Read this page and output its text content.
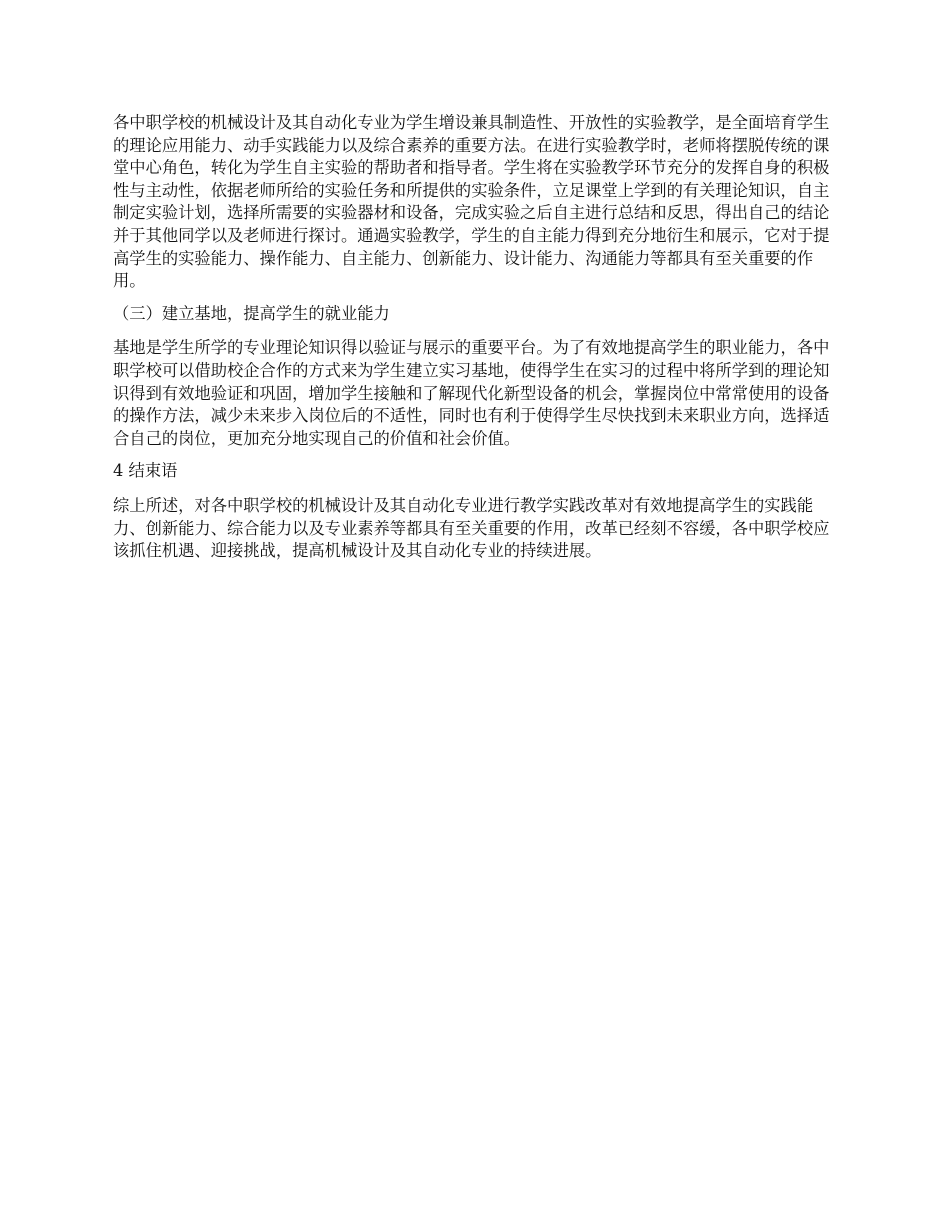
各中职学校的机械设计及其自动化专业为学生增设兼具制造性、开放性的实验教学，是全面培育学生的理论应用能力、动手实践能力以及综合素养的重要方法。在进行实验教学时，老师将摆脱传统的课堂中心角色，转化为学生自主实验的帮助者和指导者。学生将在实验教学环节充分的发挥自身的积极性与主动性，依据老师所给的实验任务和所提供的实验条件，立足课堂上学到的有关理论知识，自主制定实验计划，选择所需要的实验器材和设备，完成实验之后自主进行总结和反思，得出自己的结论并于其他同学以及老师进行探讨。通過实验教学，学生的自主能力得到充分地衍生和展示，它对于提高学生的实验能力、操作能力、自主能力、创新能力、设计能力、沟通能力等都具有至关重要的作用。

（三）建立基地，提高学生的就业能力

基地是学生所学的专业理论知识得以验证与展示的重要平台。为了有效地提高学生的职业能力，各中职学校可以借助校企合作的方式来为学生建立实习基地，使得学生在实习的过程中将所学到的理论知识得到有效地验证和巩固，增加学生接触和了解现代化新型设备的机会，掌握岗位中常常使用的设备的操作方法，减少未来步入岗位后的不适性，同时也有利于使得学生尽快找到未来职业方向，选择适合自己的岗位，更加充分地实现自己的价值和社会价值。

4 结束语

综上所述，对各中职学校的机械设计及其自动化专业进行教学实践改革对有效地提高学生的实践能力、创新能力、综合能力以及专业素养等都具有至关重要的作用，改革已经刻不容缓，各中职学校应该抓住机遇、迎接挑战，提高机械设计及其自动化专业的持续进展。
